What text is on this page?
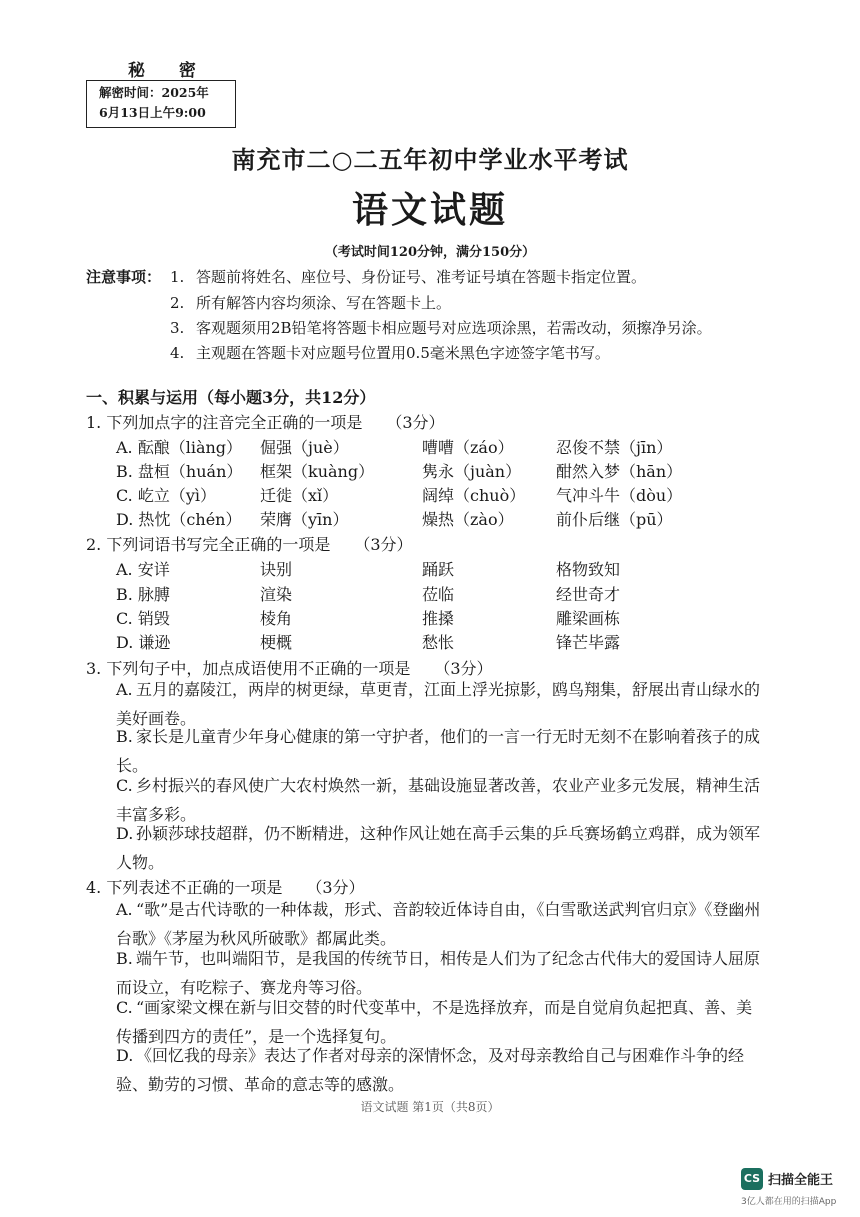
秘 密
解密时间：2025年
6月13日上午9:00
南充市二○二五年初中学业水平考试
语文试题
（考试时间120分钟，满分150分）
注意事项： 1. 答题前将姓名、座位号、身份证号、准考证号填在答题卡指定位置。
2. 所有解答内容均须涂、写在答题卡上。
3. 客观题须用2B铅笔将答题卡相应题号对应选项涂黑，若需改动，须擦净另涂。
4. 主观题在答题卡对应题号位置用0.5毫米黑色字迹签字笔书写。
一、积累与运用（每小题3分，共12分）
1. 下列加点字的注音完全正确的一项是 （3分）
A. 酝酿（liàng） 倔强（juè）	嘈嘈（záo）	忍俊不禁（jīn）
B. 盘桓（huán） 框架（kuàng）	隽永（juàn） 酣然入梦（hān）
C. 屹立（yì）	迁徙（xǐ）	阔绰（chuò） 气冲斗牛（dòu）
D. 热忱（chén） 荣膺（yīn）	燥热（zào）	前仆后继（pū）
2. 下列词语书写完全正确的一项是 （3分）
A. 安详	诀别	踊跃	格物致知
B. 脉膊	渲染	莅临	经世奇才
C. 销毁	棱角	推搡	雕梁画栋
D. 谦逊	梗概	愁怅	锋芒毕露
3. 下列句子中，加点成语使用不正确的一项是 （3分）
A. 五月的嘉陵江，两岸的树更绿，草更青，江面上浮光掠影，鸥鸟翔集，舒展出青山绿水的美好画卷。
B. 家长是儿童青少年身心健康的第一守护者，他们的一言一行无时无刻不在影响着孩子的成长。
C. 乡村振兴的春风使广大农村焕然一新，基础设施显著改善，农业产业多元发展，精神生活丰富多彩。
D. 孙颖莎球技超群，仍不断精进，这种作风让她在高手云集的乒乓赛场鹤立鸡群，成为领军人物。
4. 下列表述不正确的一项是 （3分）
A. “歌”是古代诗歌的一种体裁，形式、音韵较近体诗自由，《白雪歌送武判官归京》《登幽州台歌》《茅屋为秋风所破歌》都属此类。
B. 端午节，也叫端阳节，是我国的传统节日，相传是人们为了纪念古代伟大的爱国诗人屈原而设立，有吃粽子、赛龙舟等习俗。
C. “画家梁文棵在新与旧交替的时代变革中，不是选择放弃，而是自觉肩负起把真、善、美传播到四方的责任”，是一个选择复句。
D. 《回忆我的母亲》表达了作者对母亲的深情怀念，及对母亲教给自己与困难作斗争的经验、勤劳的习惯、革命的意志等的感激。
语文试题 第1页（共8页）
CS 扫描全能王
3亿人都在用的扫描App
